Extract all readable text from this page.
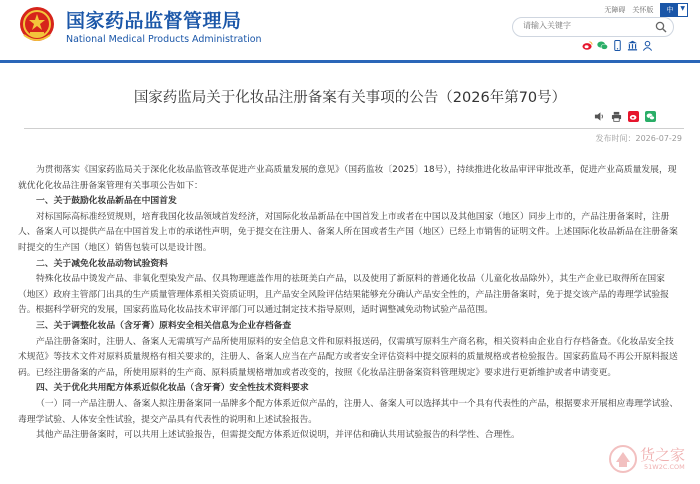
国家药品监督管理局
National Medical Products Administration
无障碍 关怀版	中	▼
请输入关键字
国家药监局关于化妆品注册备案有关事项的公告（2026年第70号）
发布时间：2026-07-29

为贯彻落实《国家药监局关于深化化妆品监管改革促进产业高质量发展的意见》（国药监妆〔2025〕18号），持续推进化妆品审评审批改革，促进产业高质量发展，现就优化化妆品注册备案管理有关事项公告如下：

一、关于鼓励化妆品新品在中国首发

对标国际高标准经贸规则，培育我国化妆品领域首发经济，对国际化妆品新品在中国首发上市或者在中国以及其他国家（地区）同步上市的，产品注册备案时，注册人、备案人可以提供产品在中国首发上市的承诺性声明，免于提交在注册人、备案人所在国或者生产国（地区）已经上市销售的证明文件。上述国际化妆品新品在注册备案时提交的生产国（地区）销售包装可以是设计图。

二、关于减免化妆品动物试验资料

特殊化妆品中烫发产品、非氧化型染发产品、仅具物理遮盖作用的祛斑美白产品，以及使用了新原料的普通化妆品（儿童化妆品除外），其生产企业已取得所在国家（地区）政府主管部门出具的生产质量管理体系相关资质证明，且产品安全风险评估结果能够充分确认产品安全性的，产品注册备案时，免于提交该产品的毒理学试验报告。根据科学研究的发展，国家药监局化妆品技术审评部门可以通过制定技术指导原则，适时调整减免动物试验产品范围。

三、关于调整化妆品（含牙膏）原料安全相关信息为企业存档备查

产品注册备案时，注册人、备案人无需填写产品所使用原料的安全信息文件和原料报送码，仅需填写原料生产商名称，相关资料由企业自行存档备查。《化妆品安全技术规范》等技术文件对原料质量规格有相关要求的，注册人、备案人应当在产品配方或者安全评估资料中提交原料的质量规格或者检验报告。国家药监局不再公开原料报送码。已经注册备案的产品，所使用原料的生产商、原料质量规格增加或者改变的，按照《化妆品注册备案资料管理规定》要求进行更新维护或者申请变更。

四、关于优化共用配方体系近似化妆品（含牙膏）安全性技术资料要求

（一）同一产品注册人、备案人拟注册备案同一品牌多个配方体系近似产品的，注册人、备案人可以选择其中一个具有代表性的产品，根据要求开展相应毒理学试验、毒理学试验、人体安全性试验，提交产品具有代表性的说明和上述试验报告。

其他产品注册备案时，可以共用上述试验报告，但需提交配方体系近似说明，并评估和确认共用试验报告的科学性、合理性。

货之家
51W2C.COM
